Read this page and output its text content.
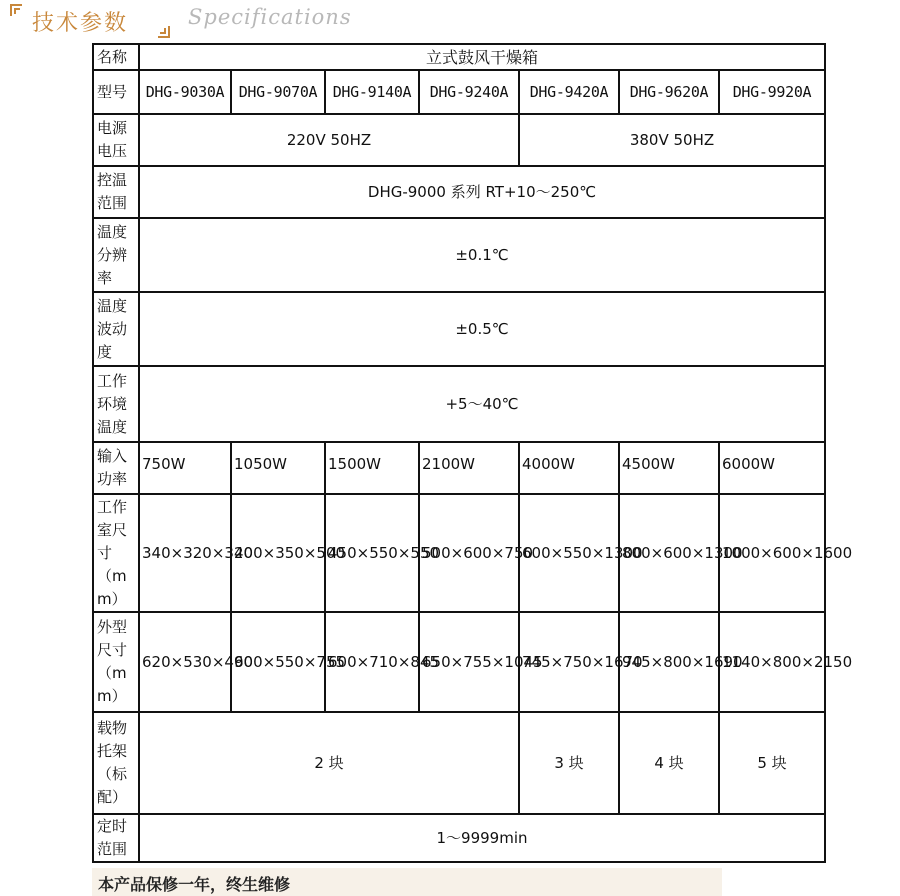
技术参数	Specifications
名称	立式鼓风干燥箱						
型号	DHG-9030A	DHG-9070A	DHG-9140A	DHG-9240A	DHG-9420A	DHG-9620A	DHG-9920A
电源电压	220V 50HZ				380V 50HZ		
控温范围	DHG-9000 系列 RT+10～250℃						
温度分辨率	±0.1℃						
温度波动度	±0.5℃						
工作环境温度	+5～40℃						
输入功率	750W	1050W	1500W	2100W	4000W	4500W	6000W
工作室尺寸（mm）	340×320×320	400×350×500	450×550×550	500×600×750	600×550×1300	800×600×1300	1000×600×1600
外型尺寸（mm）	620×530×490	600×550×755	600×710×845	650×755×1045	745×750×1670	945×800×1690	1140×800×2150
载物托架（标配）	2 块				3 块	4 块	5 块
定时范围	1～9999min						
本产品保修一年，终生维修
